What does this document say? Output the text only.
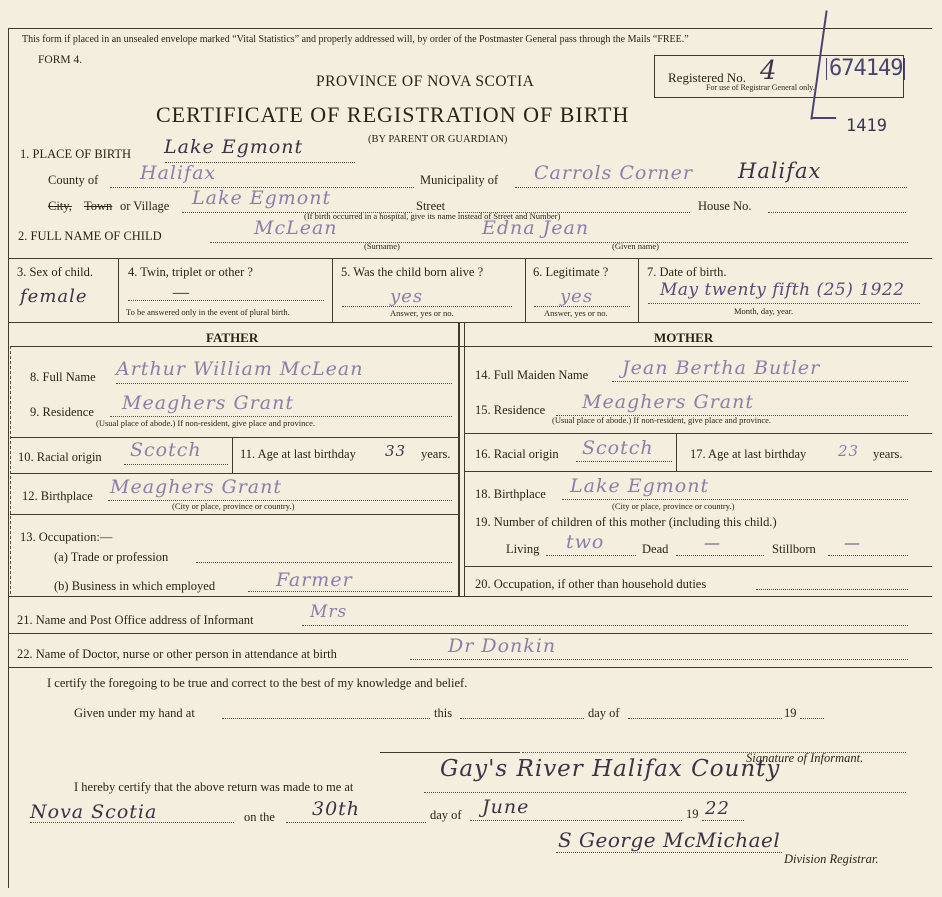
This form if placed in an unsealed envelope marked “Vital Statistics” and properly addressed will, by order of the Postmaster General pass through the Mails “FREE.”
FORM 4.
PROVINCE OF NOVA SCOTIA
CERTIFICATE OF REGISTRATION OF BIRTH
(BY PARENT OR GUARDIAN)
Registered No.
For use of Registrar General only.
4 674149
1419
1. PLACE OF BIRTH Lake Egmont
County of Halifax	Municipality of Carrols Corner Halifax
City, Town or Village Lake Egmont	Street
(If birth occurred in a hospital, give its name instead of Street and Number)
House No.
2. FULL NAME OF CHILD	McLean	Edna Jean
(Surname)	(Given name)
3. Sex of child.
female
4. Twin, triplet or other ?
—
To be answered only in the event of plural birth.
5. Was the child born alive ?
yes
Answer, yes or no.
6. Legitimate ?
yes
Answer, yes or no.
7. Date of birth.
May twenty fifth (25) 1922
Month, day, year.
FATHER	MOTHER
8. Full Name Arthur William McLean
9. Residence Meaghers Grant
(Usual place of abode.) If non-resident, give place and province.
10. Racial origin Scotch	11. Age at last birthday 33 years.
12. Birthplace Meaghers Grant
(City or place, province or country.)
13. Occupation:—
(a) Trade or profession
(b) Business in which employed	Farmer
14. Full Maiden Name Jean Bertha Butler
15. Residence Meaghers Grant
(Usual place of abode.) If non-resident, give place and province.
16. Racial origin Scotch	17. Age at last birthday 23 years.
18. Birthplace Lake Egmont
(City or place, province or country.)
19. Number of children of this mother (including this child.)
Living two	Dead —	Stillborn —
20. Occupation, if other than household duties
21. Name and Post Office address of Informant	Mrs
22. Name of Doctor, nurse or other person in attendance at birth	Dr Donkin
I certify the foregoing to be true and correct to the best of my knowledge and belief.
Given under my hand at	this	day of	19
Signature of Informant.
I hereby certify that the above return was made to me at
Gay's River Halifax County
Nova Scotia	on the 30th	day of June	19 22
S George McMichael
Division Registrar.
